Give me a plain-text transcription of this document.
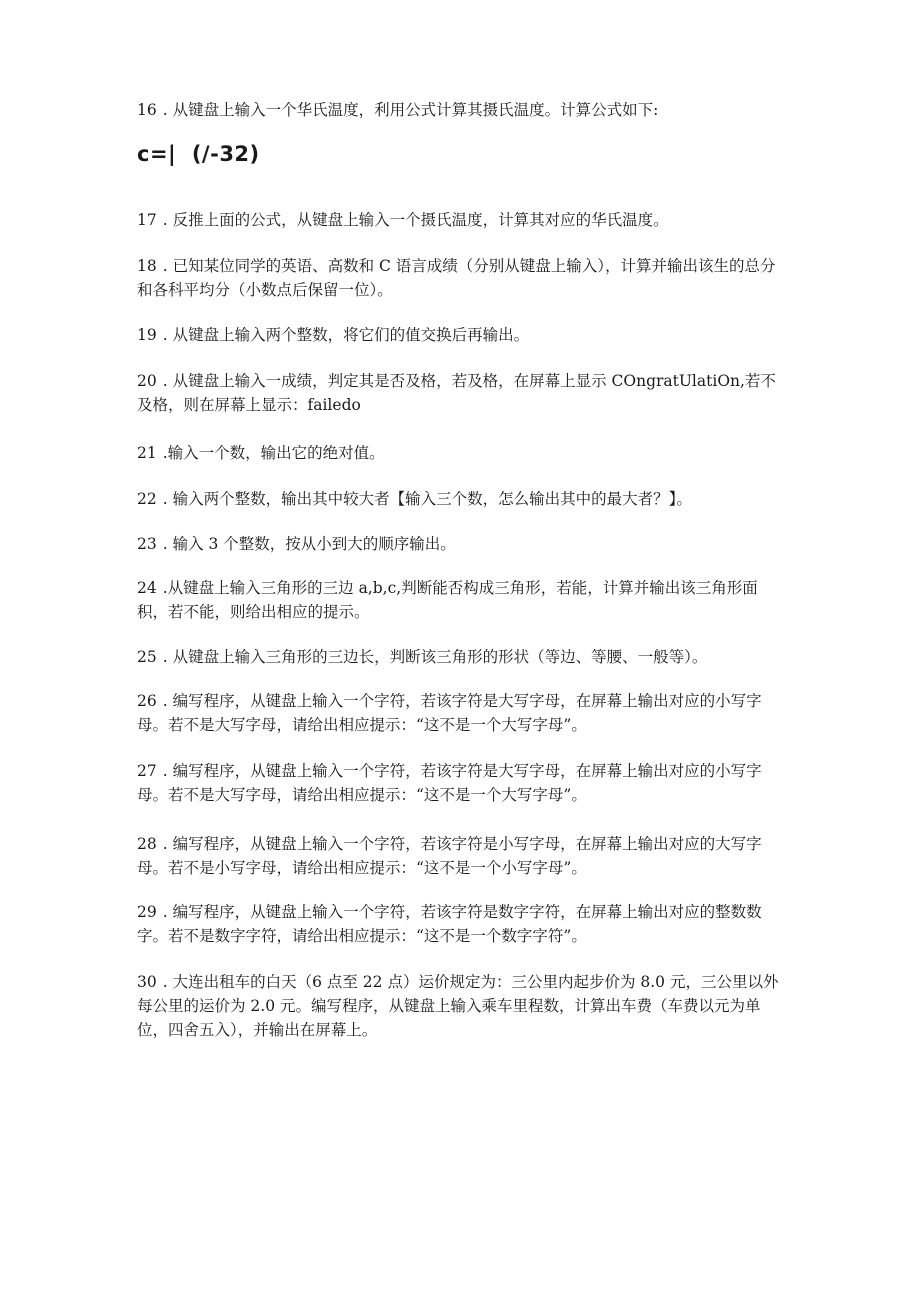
16 . 从键盘上输入一个华氏温度，利用公式计算其摄氏温度。计算公式如下:
c=|  (/-32)
17 . 反推上面的公式，从键盘上输入一个摄氏温度，计算其对应的华氏温度。
18 . 已知某位同学的英语、高数和 C 语言成绩（分别从键盘上输入），计算并输出该生的总分和各科平均分（小数点后保留一位）。
19 . 从键盘上输入两个整数，将它们的值交换后再输出。
20 . 从键盘上输入一成绩，判定其是否及格，若及格，在屏幕上显示 COngratUlatiOn,若不及格，则在屏幕上显示：failedo
21 .输入一个数，输出它的绝对值。
22 . 输入两个整数，输出其中较大者【输入三个数，怎么输出其中的最大者？】。
23 . 输入 3 个整数，按从小到大的顺序输出。
24 .从键盘上输入三角形的三边 a,b,c,判断能否构成三角形，若能，计算并输出该三角形面积，若不能，则给出相应的提示。
25 . 从键盘上输入三角形的三边长，判断该三角形的形状（等边、等腰、一般等）。
26 . 编写程序，从键盘上输入一个字符，若该字符是大写字母，在屏幕上输出对应的小写字母。若不是大写字母，请给出相应提示：“这不是一个大写字母”。
27 . 编写程序，从键盘上输入一个字符，若该字符是大写字母，在屏幕上输出对应的小写字母。若不是大写字母，请给出相应提示：“这不是一个大写字母”。
28 . 编写程序，从键盘上输入一个字符，若该字符是小写字母，在屏幕上输出对应的大写字母。若不是小写字母，请给出相应提示：“这不是一个小写字母”。
29 . 编写程序，从键盘上输入一个字符，若该字符是数字字符，在屏幕上输出对应的整数数字。若不是数字字符，请给出相应提示：“这不是一个数字字符”。
30 . 大连出租车的白天（6 点至 22 点）运价规定为：三公里内起步价为 8.0 元，三公里以外每公里的运价为 2.0 元。编写程序，从键盘上输入乘车里程数，计算出车费（车费以元为单位，四舍五入），并输出在屏幕上。
